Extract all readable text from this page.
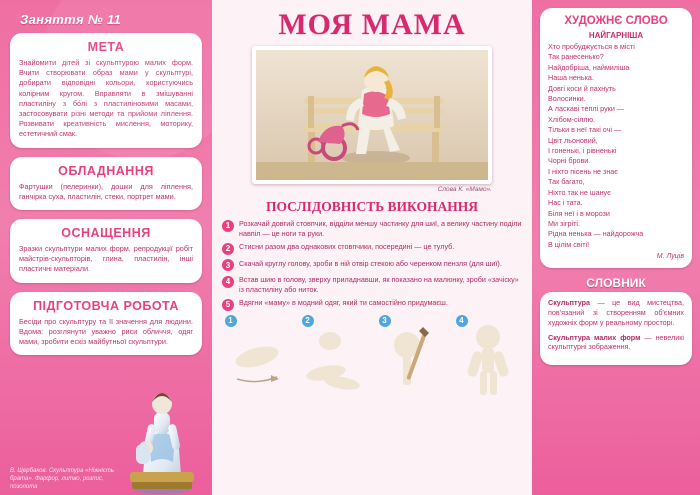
Заняття № 11
МЕТА

Знайомити дітей зі скульптурою малих форм. Вчити створювати образ мами у скульптурі, добирати відповідні кольори, користуючись колірним кругом. Вправляти в змішуванні пластиліну з бо́лі з пластиліновими масами, застосовувати різні методи та прийоми ліплення. Розвивати креативність мислення, моторику, естетичний смак.

ОБЛАДНАННЯ

Фартушки (пелеринки), дошки для ліплення, ганчірка суха, пластилін, стеки, портрет мами.

ОСНАЩЕННЯ

Зразки скульптури малих форм, репродукції робіт майстрів-скульпторів, глина, пластилін, інші пластичні матеріали.

ПІДГОТОВЧА РОБОТА

Бесіди про скульптуру та її значення для людини. Вдома: розглянути уважно риси обличчя, одяг мами, зробити ескіз майбутньої скульптури.

В. Щербаков. Скульптура «Ніжність брата». Фарфор, литво, розпис, позолота
МОЯ МАМА
Слова К. «Мамо».
ПОСЛІДОВНІСТЬ ВИКОНАННЯ
1	Розкачай довгий стовпчик, відділи меншу частинку для шиї, а велику частину поділи навпіл — це ноги та руки.
2	Стисни разом два однакових стовпчики, посередині — це тулуб.
3	Скачай круглу голову, зроби в ній отвір стекою або черенком пензля (для шиї).
4	Встав шию в голову, зверху приладнавши, як показано на малюнку, зроби «зачіску» із пластиліну або ниток.
5	Вдягни «маму» в модний одяг, який ти самостійно придумаєш.
1	2	3	4
ХУДОЖНЄ СЛОВО
НАЙГАРНІША
Хто пробуджується в місті
Так ранесенько?
Найдобріша, наймиліша
Наша ненька.
Довгі коси й пахнуть
Волосинки.
А ласкаві теплі руки —
Хлібом-сіллю.
Тільки в неї такі очі —
Цвіт льоновий,
І гоненькі, і рівненькі
Чорні брови.
І ніхто пісень не знає
Так багато,
Ніхто так не шанує
Нас і тата.
Біля неї і в морози
Ми зігріті.
Рідна ненька — найдорожча
В цілім світі!
М. Луців
СЛОВНИК

Скульптура — це вид мистецтва, пов'язаний зі створенням об'ємних художніх форм у реальному просторі.

Скульптура малих форм — невеликі скульптурні зображення.
